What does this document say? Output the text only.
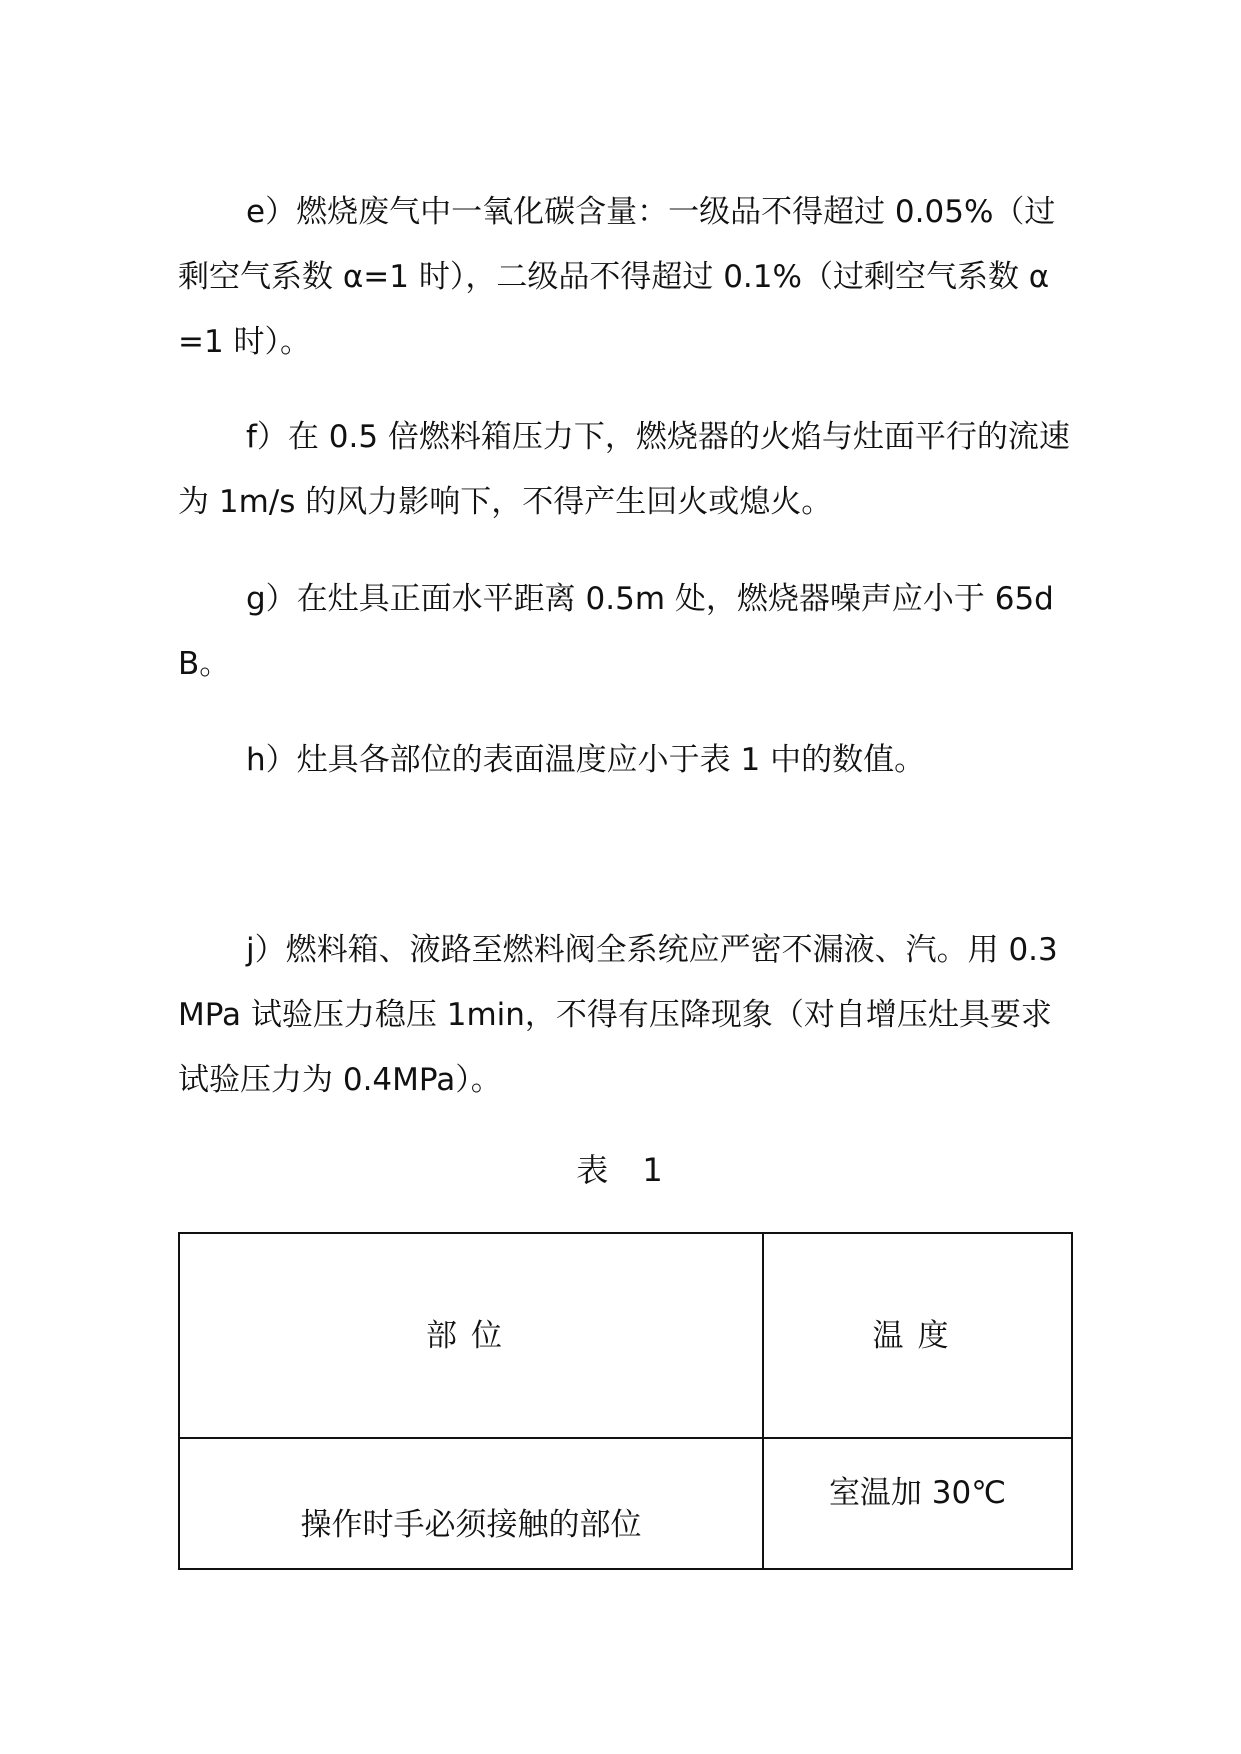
e）燃烧废气中一氧化碳含量：一级品不得超过 0.05%（过剩空气系数 α=1 时），二级品不得超过 0.1%（过剩空气系数 α=1 时）。

f）在 0.5 倍燃料箱压力下，燃烧器的火焰与灶面平行的流速为 1m/s 的风力影响下，不得产生回火或熄火。

g）在灶具正面水平距离 0.5m 处，燃烧器噪声应小于 65dB。

h）灶具各部位的表面温度应小于表 1 中的数值。

j）燃料箱、液路至燃料阀全系统应严密不漏液、汽。用 0.3MPa 试验压力稳压 1min，不得有压降现象（对自增压灶具要求试验压力为 0.4MPa）。

表 1
部位	温度
操作时手必须接触的部位
室温加 30℃
